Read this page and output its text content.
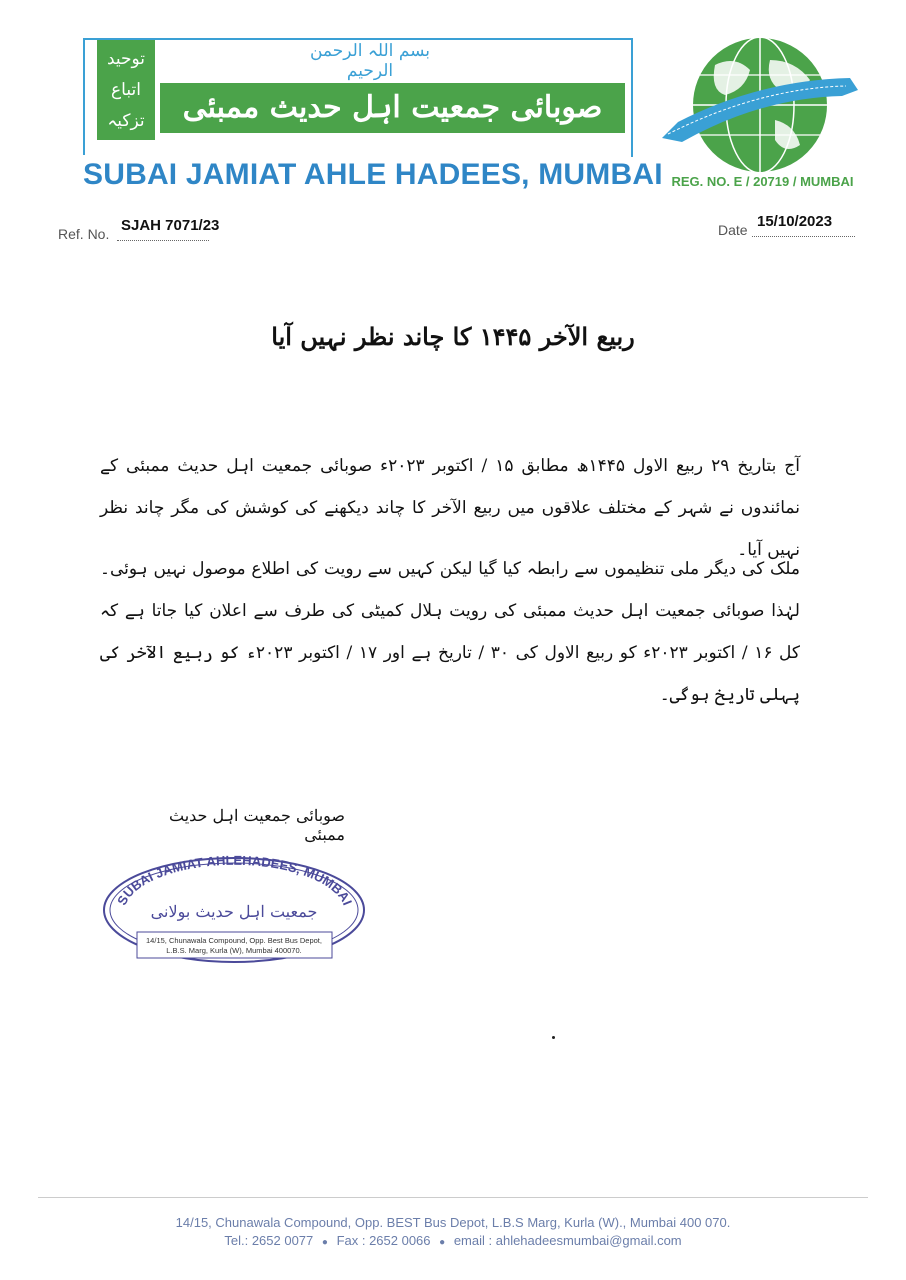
توحید
اتباع
تزکیہ
بسم اللہ الرحمن الرحیم
صوبائی جمعیت اہل حدیث ممبئی
SUBAI JAMIAT AHLE HADEES, MUMBAI REG. NO. E / 20719 / MUMBAI
Ref. No. SJAH 7071/23	Date 15/10/2023
ربیع الآخر ۱۴۴۵ کا چاند نظر نہیں آیا
آج بتاریخ ۲۹ ربیع الاول ۱۴۴۵ھ مطابق ۱۵ / اکتوبر ۲۰۲۳ء صوبائی جمعیت اہل حدیث ممبئی کے نمائندوں نے شہر کے مختلف علاقوں میں ربیع الآخر کا چاند دیکھنے کی کوشش کی مگر چاند نظر نہیں آیا۔
ملک کی دیگر ملی تنظیموں سے رابطہ کیا گیا لیکن کہیں سے رویت کی اطلاع موصول نہیں ہوئی۔ لہٰذا صوبائی جمعیت اہل حدیث ممبئی کی رویت ہلال کمیٹی کی طرف سے اعلان کیا جاتا ہے کہ کل ۱۶ / اکتوبر ۲۰۲۳ء کو ربیع الاول کی ۳۰ / تاریخ ہے اور ۱۷ / اکتوبر ۲۰۲۳ء کو ربیع الآخر کی پہلی تاریخ ہوگی۔
صوبائی جمعیت اہل حدیث ممبئی
SUBAI JAMIAT AHLEHADEES, MUMBAI
جمعیت اہل حدیث بولانی
14/15, Chunawala Compound, Opp. Best Bus Depot,
L.B.S. Marg, Kurla (W), Mumbai 400070.
14/15, Chunawala Compound, Opp. BEST Bus Depot, L.B.S Marg, Kurla (W)., Mumbai 400 070.
Tel.: 2652 0077 ● Fax : 2652 0066 ● email : ahlehadeesmumbai@gmail.com
